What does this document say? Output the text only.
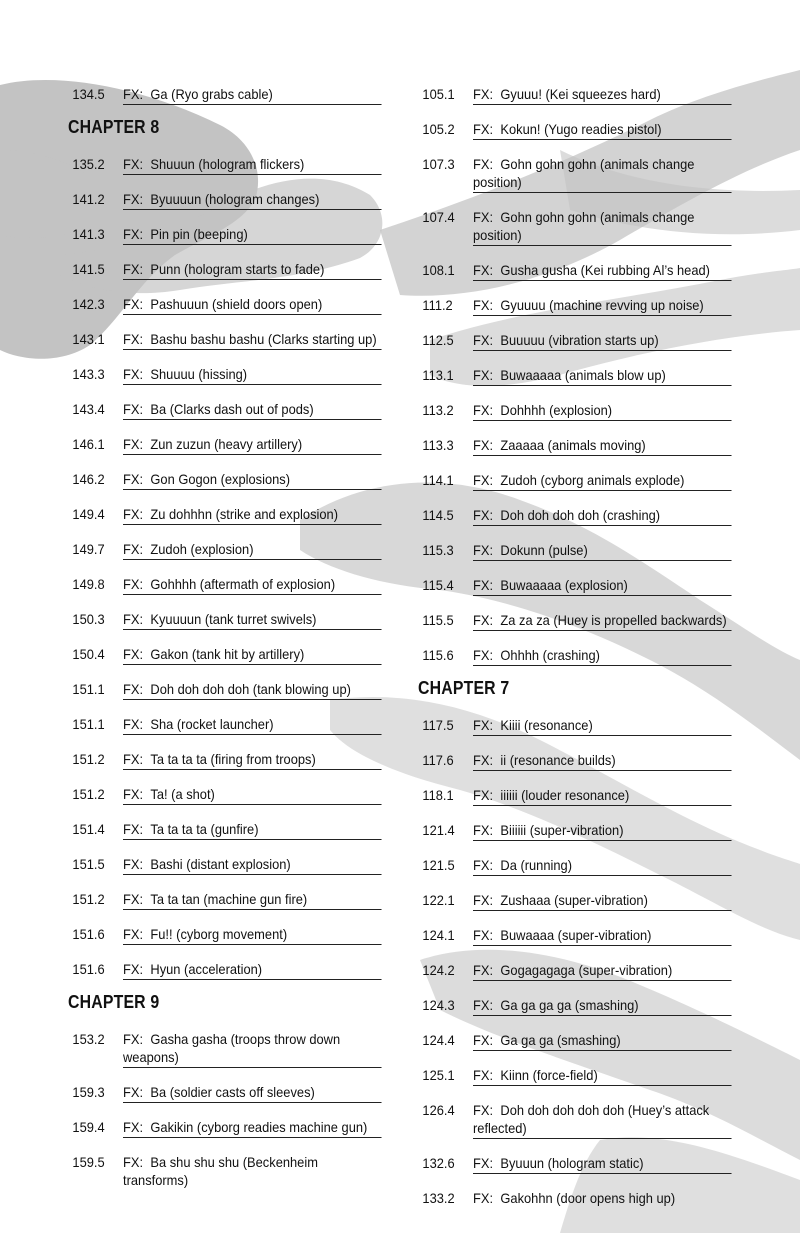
134.5	FX: Ga (Ryo grabs cable)
CHAPTER 8
135.2	FX: Shuuun (hologram flickers)
141.2	FX: Byuuuun (hologram changes)
141.3	FX: Pin pin (beeping)
141.5	FX: Punn (hologram starts to fade)
142.3	FX: Pashuuun (shield doors open)
143.1	FX: Bashu bashu bashu (Clarks starting up)
143.3	FX: Shuuuu (hissing)
143.4	FX: Ba (Clarks dash out of pods)
146.1	FX: Zun zuzun (heavy artillery)
146.2	FX: Gon Gogon (explosions)
149.4	FX: Zu dohhhn (strike and explosion)
149.7	FX: Zudoh (explosion)
149.8	FX: Gohhhh (aftermath of explosion)
150.3	FX: Kyuuuun (tank turret swivels)
150.4	FX: Gakon (tank hit by artillery)
151.1	FX: Doh doh doh doh (tank blowing up)
151.1	FX: Sha (rocket launcher)
151.2	FX: Ta ta ta ta (firing from troops)
151.2	FX: Ta! (a shot)
151.4	FX: Ta ta ta ta (gunfire)
151.5	FX: Bashi (distant explosion)
151.2	FX: Ta ta tan (machine gun fire)
151.6	FX: Fu!! (cyborg movement)
151.6	FX: Hyun (acceleration)
CHAPTER 9
153.2	FX: Gasha gasha (troops throw down weapons)
159.3	FX: Ba (soldier casts off sleeves)
159.4	FX: Gakikin (cyborg readies machine gun)
159.5	FX: Ba shu shu shu (Beckenheim transforms)
105.1	FX: Gyuuu! (Kei squeezes hard)
105.2	FX: Kokun! (Yugo readies pistol)
107.3	FX: Gohn gohn gohn (animals change position)
107.4	FX: Gohn gohn gohn (animals change position)
108.1	FX: Gusha gusha (Kei rubbing Al’s head)
111.2	FX: Gyuuuu (machine revving up noise)
112.5	FX: Buuuuu (vibration starts up)
113.1	FX: Buwaaaaa (animals blow up)
113.2	FX: Dohhhh (explosion)
113.3	FX: Zaaaaa (animals moving)
114.1	FX: Zudoh (cyborg animals explode)
114.5	FX: Doh doh doh doh (crashing)
115.3	FX: Dokunn (pulse)
115.4	FX: Buwaaaaa (explosion)
115.5	FX: Za za za (Huey is propelled backwards)
115.6	FX: Ohhhh (crashing)
CHAPTER 7
117.5	FX: Kiiii (resonance)
117.6	FX: ii (resonance builds)
118.1	FX: iiiiii (louder resonance)
121.4	FX: Biiiiii (super-vibration)
121.5	FX: Da (running)
122.1	FX: Zushaaa (super-vibration)
124.1	FX: Buwaaaa (super-vibration)
124.2	FX: Gogagagaga (super-vibration)
124.3	FX: Ga ga ga ga (smashing)
124.4	FX: Ga ga ga (smashing)
125.1	FX: Kiinn (force-field)
126.4	FX: Doh doh doh doh doh (Huey’s attack reflected)
132.6	FX: Byuuun (hologram static)
133.2	FX: Gakohhn (door opens high up)
